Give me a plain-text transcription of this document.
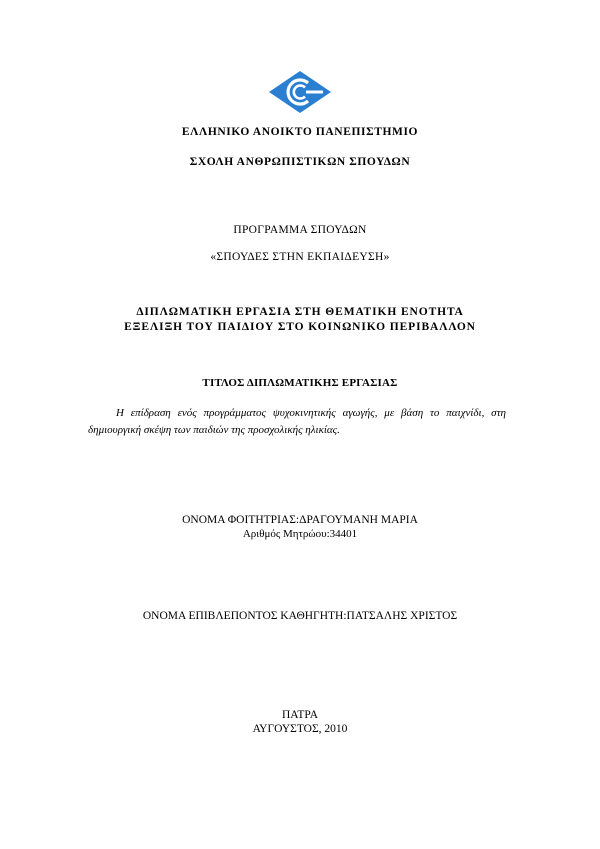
ΕΛΛΗΝΙΚΟ ΑΝΟΙΚΤΟ ΠΑΝΕΠΙΣΤΗΜΙΟ
ΣΧΟΛΗ ΑΝΘΡΩΠΙΣΤΙΚΩΝ ΣΠΟΥΔΩΝ
ΠΡΟΓΡΑΜΜΑ ΣΠΟΥΔΩΝ
«ΣΠΟΥΔΕΣ ΣΤΗΝ ΕΚΠΑΙΔΕΥΣΗ»
ΔΙΠΛΩΜΑΤΙΚΗ ΕΡΓΑΣΙΑ ΣΤΗ ΘΕΜΑΤΙΚΗ ΕΝΟΤΗΤΑ
ΕΞΕΛΙΞΗ ΤΟΥ ΠΑΙΔΙΟΥ ΣΤΟ ΚΟΙΝΩΝΙΚΟ ΠΕΡΙΒΑΛΛΟΝ
ΤΙΤΛΟΣ ΔΙΠΛΩΜΑΤΙΚΗΣ ΕΡΓΑΣΙΑΣ
Η επίδραση ενός προγράμματος ψυχοκινητικής αγωγής, με βάση το παιχνίδι, στη δημιουργική σκέψη των παιδιών της προσχολικής ηλικίας.
ΟΝΟΜΑ ΦΟΙΤΗΤΡΙΑΣ:ΔΡΑΓΟΥΜΑΝΗ ΜΑΡΙΑ
Αριθμός Μητρώου:34401
ΟΝΟΜΑ ΕΠΙΒΛΕΠΟΝΤΟΣ ΚΑΘΗΓΗΤΗ:ΠΑΤΣΑΛΗΣ ΧΡΙΣΤΟΣ
ΠΑΤΡΑ
ΑΥΓΟΥΣΤΟΣ, 2010
